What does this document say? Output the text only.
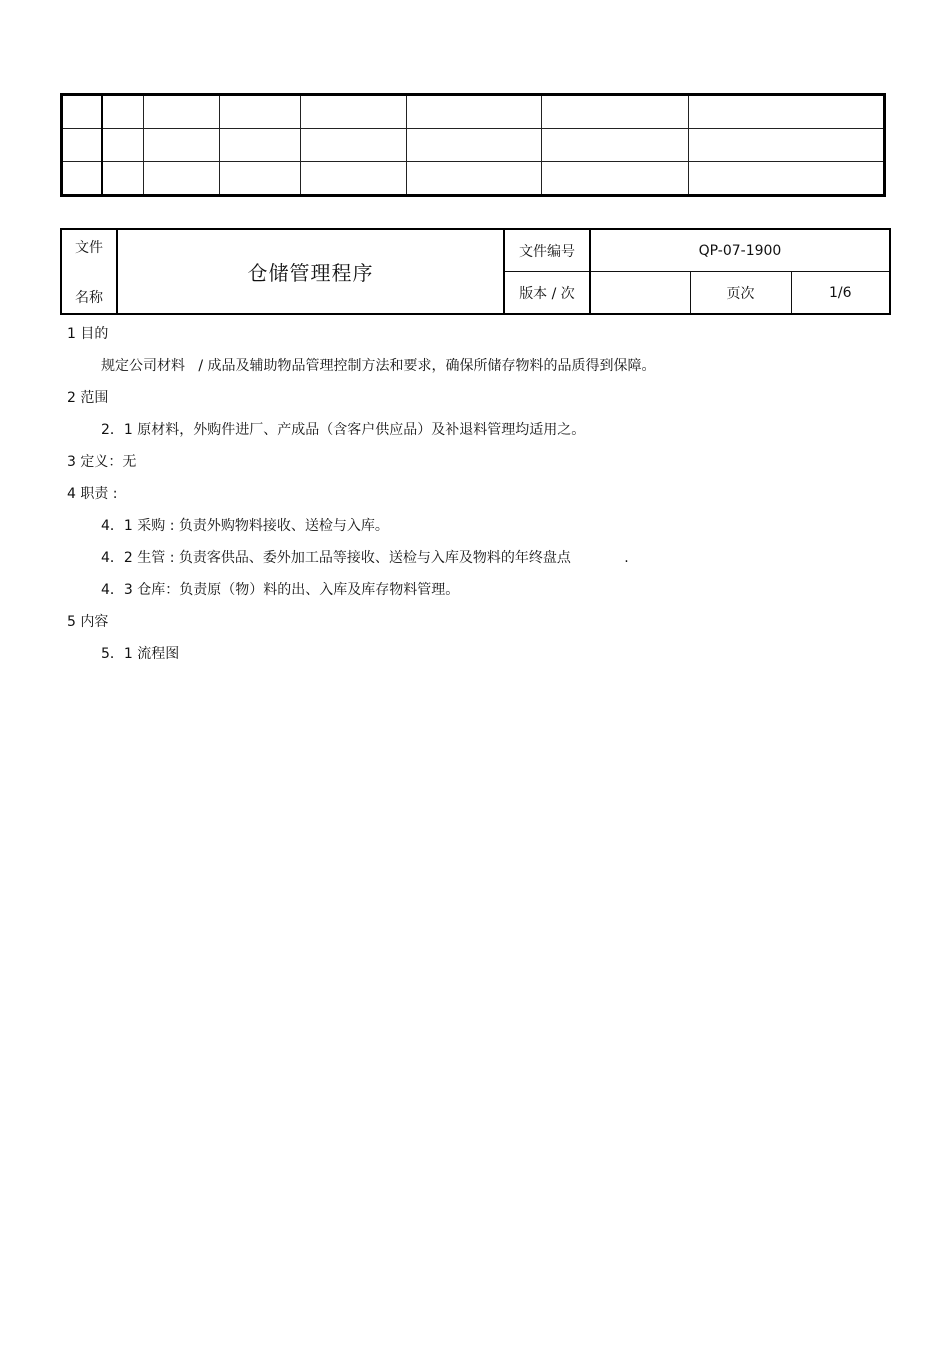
文件
名称	仓储管理程序	文件编号	QP-07-1900		
		版本 / 次		页次	1/6
1 目的
规定公司材料   / 成品及辅助物品管理控制方法和要求，确保所储存物料的品质得到保障。
2 范围
2．1 原材料，外购件进厂、产成品（含客户供应品）及补退料管理均适用之。
3 定义：无
4 职责 :
4．1 采购 : 负责外购物料接收、送检与入库。
4．2 生管 : 负责客供品、委外加工品等接收、送检与入库及物料的年终盘点            .
4．3 仓库：负责原（物）料的出、入库及库存物料管理。
5 内容
5．1 流程图
